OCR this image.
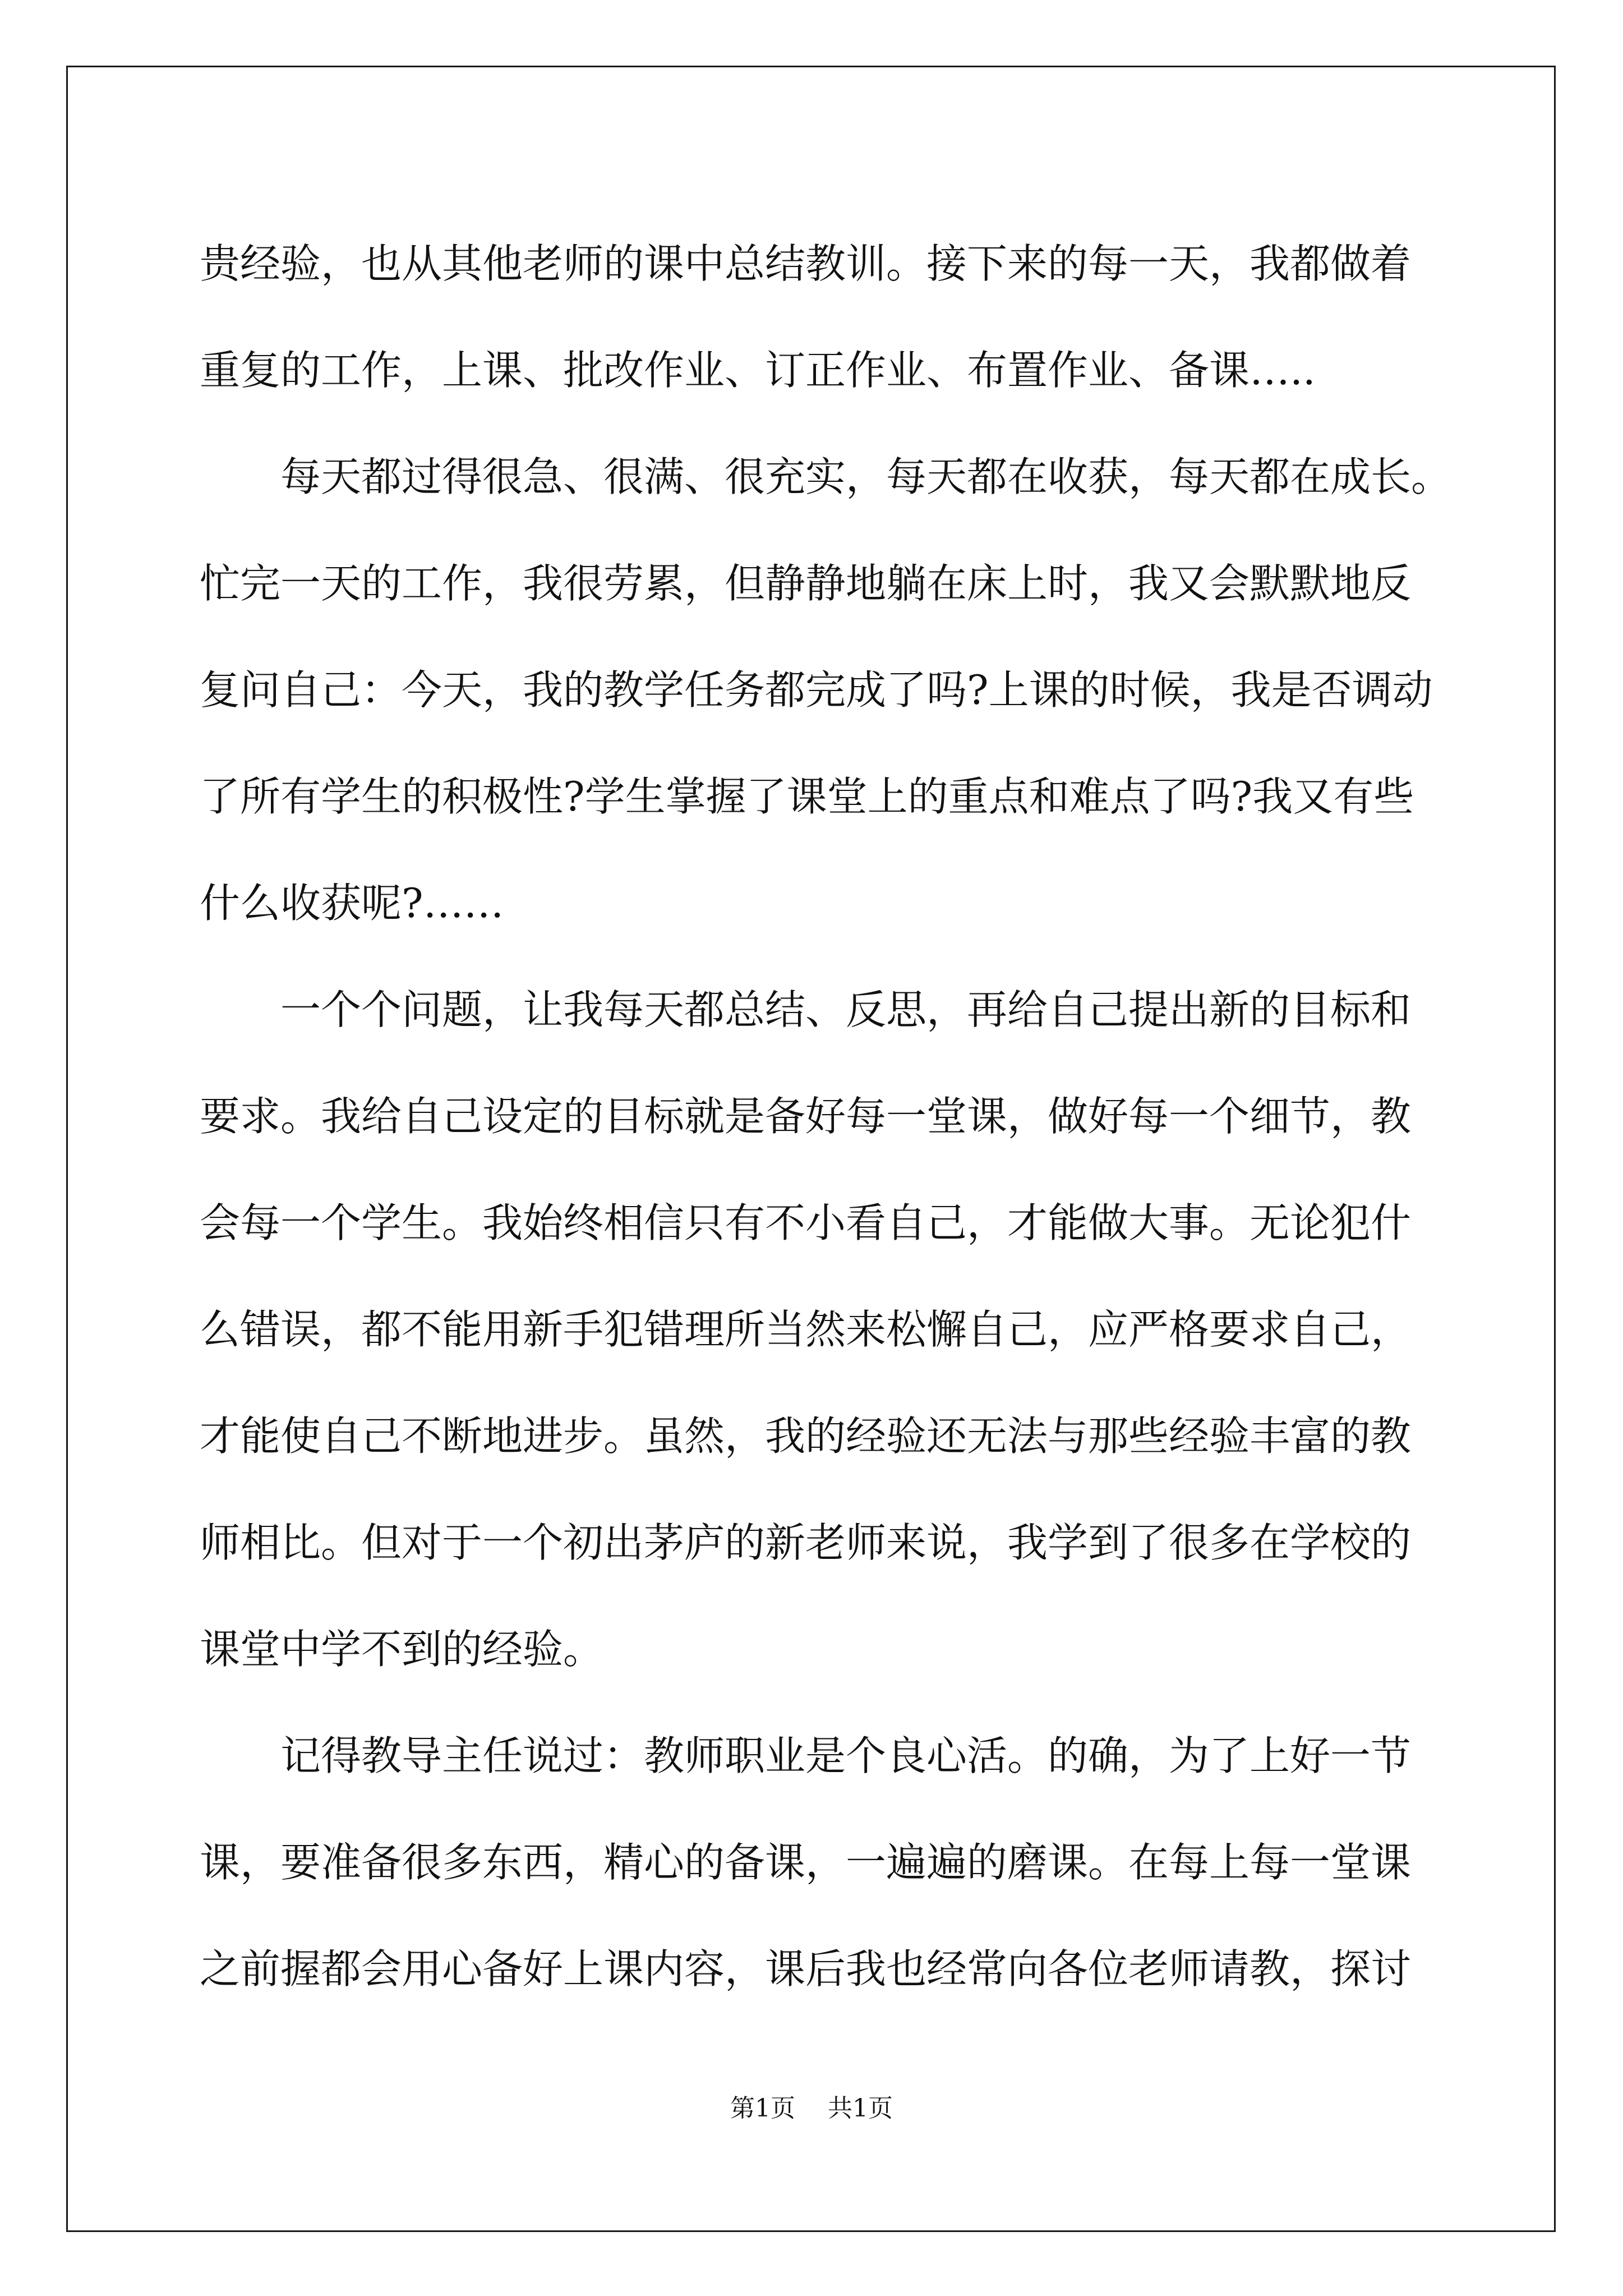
贵经验，也从其他老师的课中总结教训。接下来的每一天，我都做着
重复的工作，上课、批改作业、订正作业、布置作业、备课…..
每天都过得很急、很满、很充实，每天都在收获，每天都在成长。
忙完一天的工作，我很劳累，但静静地躺在床上时，我又会默默地反
复问自己：今天，我的教学任务都完成了吗?上课的时候，我是否调动
了所有学生的积极性?学生掌握了课堂上的重点和难点了吗?我又有些
什么收获呢?……
一个个问题，让我每天都总结、反思，再给自己提出新的目标和
要求。我给自己设定的目标就是备好每一堂课，做好每一个细节，教
会每一个学生。我始终相信只有不小看自己，才能做大事。无论犯什
么错误，都不能用新手犯错理所当然来松懈自己，应严格要求自己，
才能使自己不断地进步。虽然，我的经验还无法与那些经验丰富的教
师相比。但对于一个初出茅庐的新老师来说，我学到了很多在学校的
课堂中学不到的经验。
记得教导主任说过：教师职业是个良心活。的确，为了上好一节
课，要准备很多东西，精心的备课，一遍遍的磨课。在每上每一堂课
之前握都会用心备好上课内容，课后我也经常向各位老师请教，探讨
第1页 共1页
